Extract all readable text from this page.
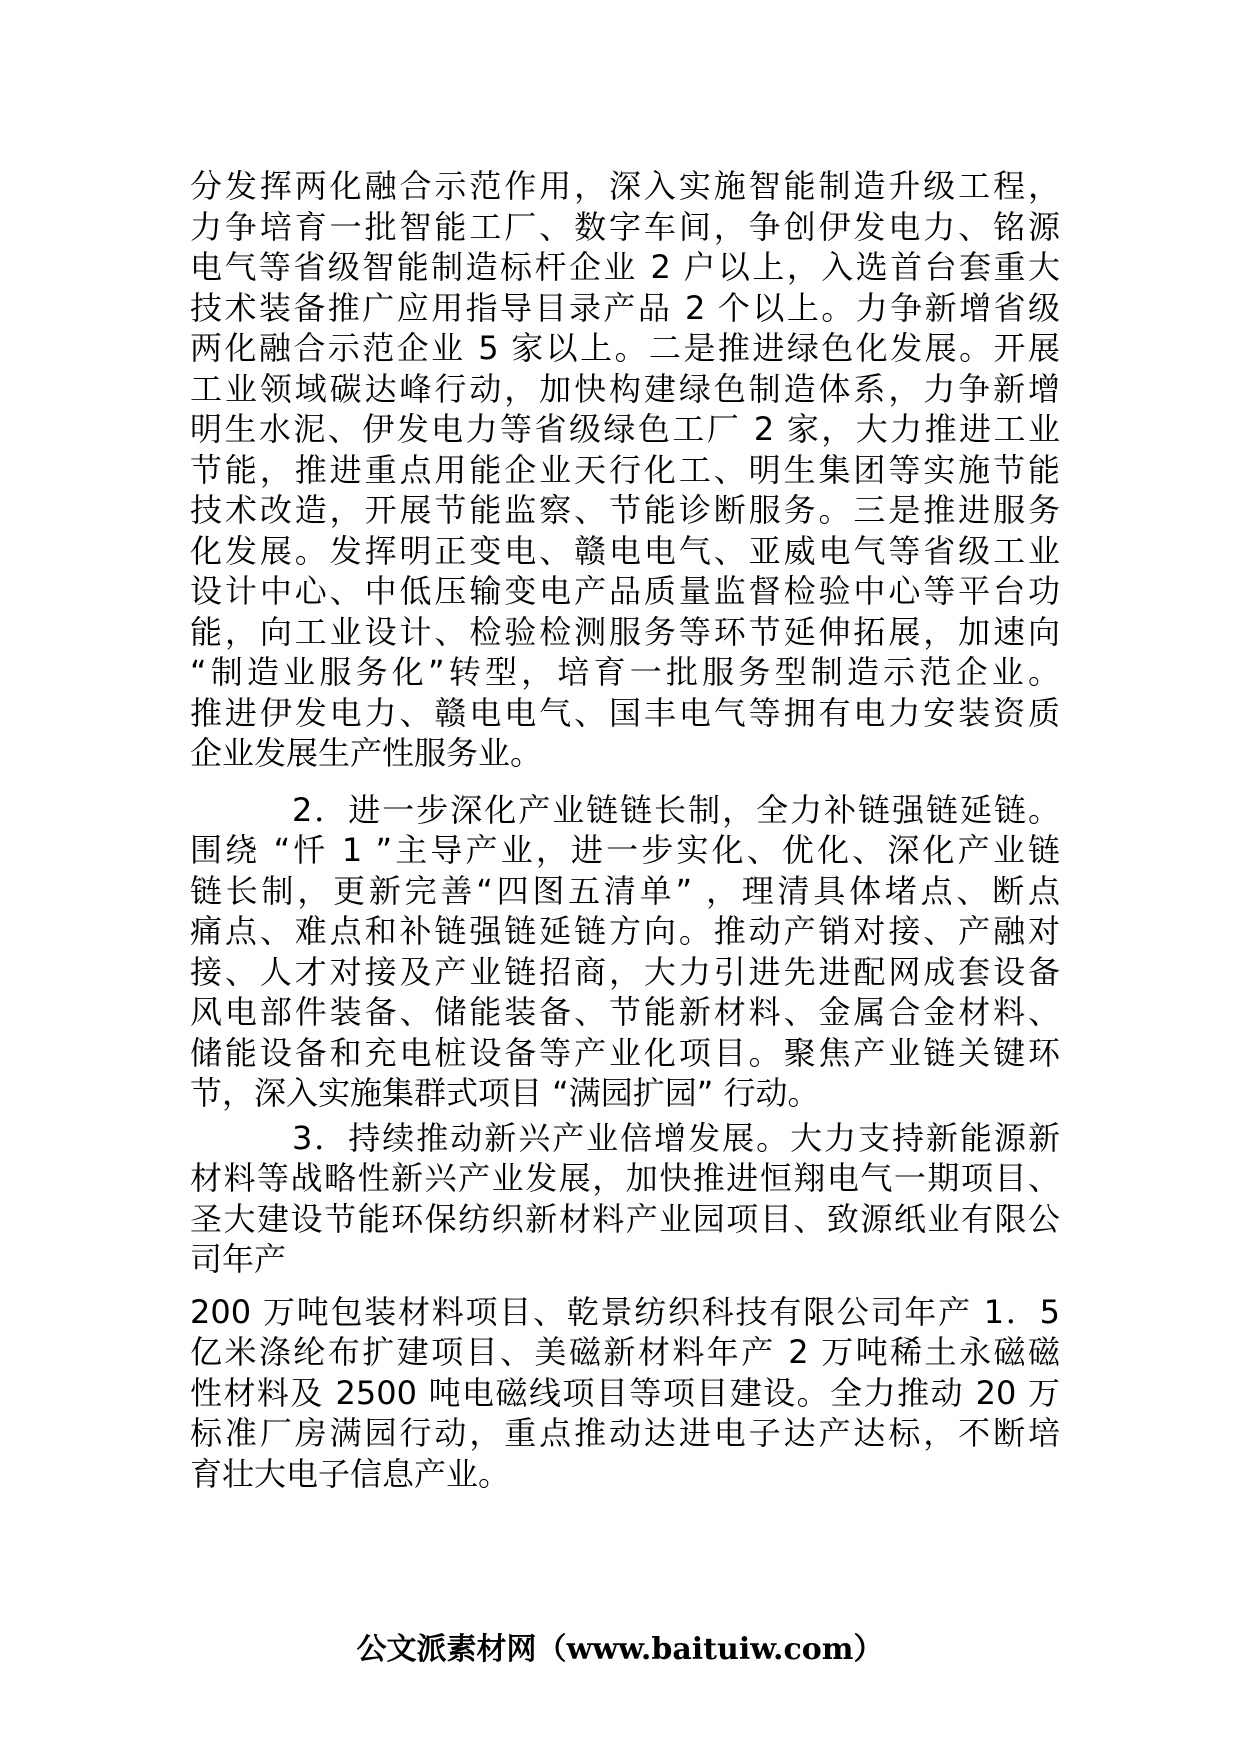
分发挥两化融合示范作用，深入实施智能制造升级工程，
力争培育一批智能工厂、数字车间，争创伊发电力、铭源
电气等省级智能制造标杆企业 2 户以上，入选首台套重大
技术装备推广应用指导目录产品 2 个以上。力争新增省级
两化融合示范企业 5 家以上。二是推进绿色化发展。开展
工业领域碳达峰行动，加快构建绿色制造体系，力争新增
明生水泥、伊发电力等省级绿色工厂 2 家，大力推进工业
节能，推进重点用能企业天行化工、明生集团等实施节能
技术改造，开展节能监察、节能诊断服务。三是推进服务
化发展。发挥明正变电、赣电电气、亚威电气等省级工业
设计中心、中低压输变电产品质量监督检验中心等平台功
能，向工业设计、检验检测服务等环节延伸拓展，加速向
“制造业服务化”转型，培育一批服务型制造示范企业。
推进伊发电力、赣电电气、国丰电气等拥有电力安装资质
企业发展生产性服务业。

　　　2．进一步深化产业链链长制，全力补链强链延链。
围绕 “忏 1 ”主导产业，进一步实化、优化、深化产业链
链长制，更新完善“四图五清单” ，理清具体堵点、断点
痛点、难点和补链强链延链方向。推动产销对接、产融对
接、人才对接及产业链招商，大力引进先进配网成套设备
风电部件装备、储能装备、节能新材料、金属合金材料、
储能设备和充电桩设备等产业化项目。聚焦产业链关键环
节，深入实施集群式项目 “满园扩园” 行动。

　　　3．持续推动新兴产业倍增发展。大力支持新能源新
材料等战略性新兴产业发展，加快推进恒翔电气一期项目、
圣大建设节能环保纺织新材料产业园项目、致源纸业有限公
司年产

200 万吨包装材料项目、乾景纺织科技有限公司年产 1．5
亿米涤纶布扩建项目、美磁新材料年产 2 万吨稀土永磁磁
性材料及 2500 吨电磁线项目等项目建设。全力推动 20 万
标准厂房满园行动，重点推动达进电子达产达标，不断培
育壮大电子信息产业。

公文派素材网（www.baituiw.com）
